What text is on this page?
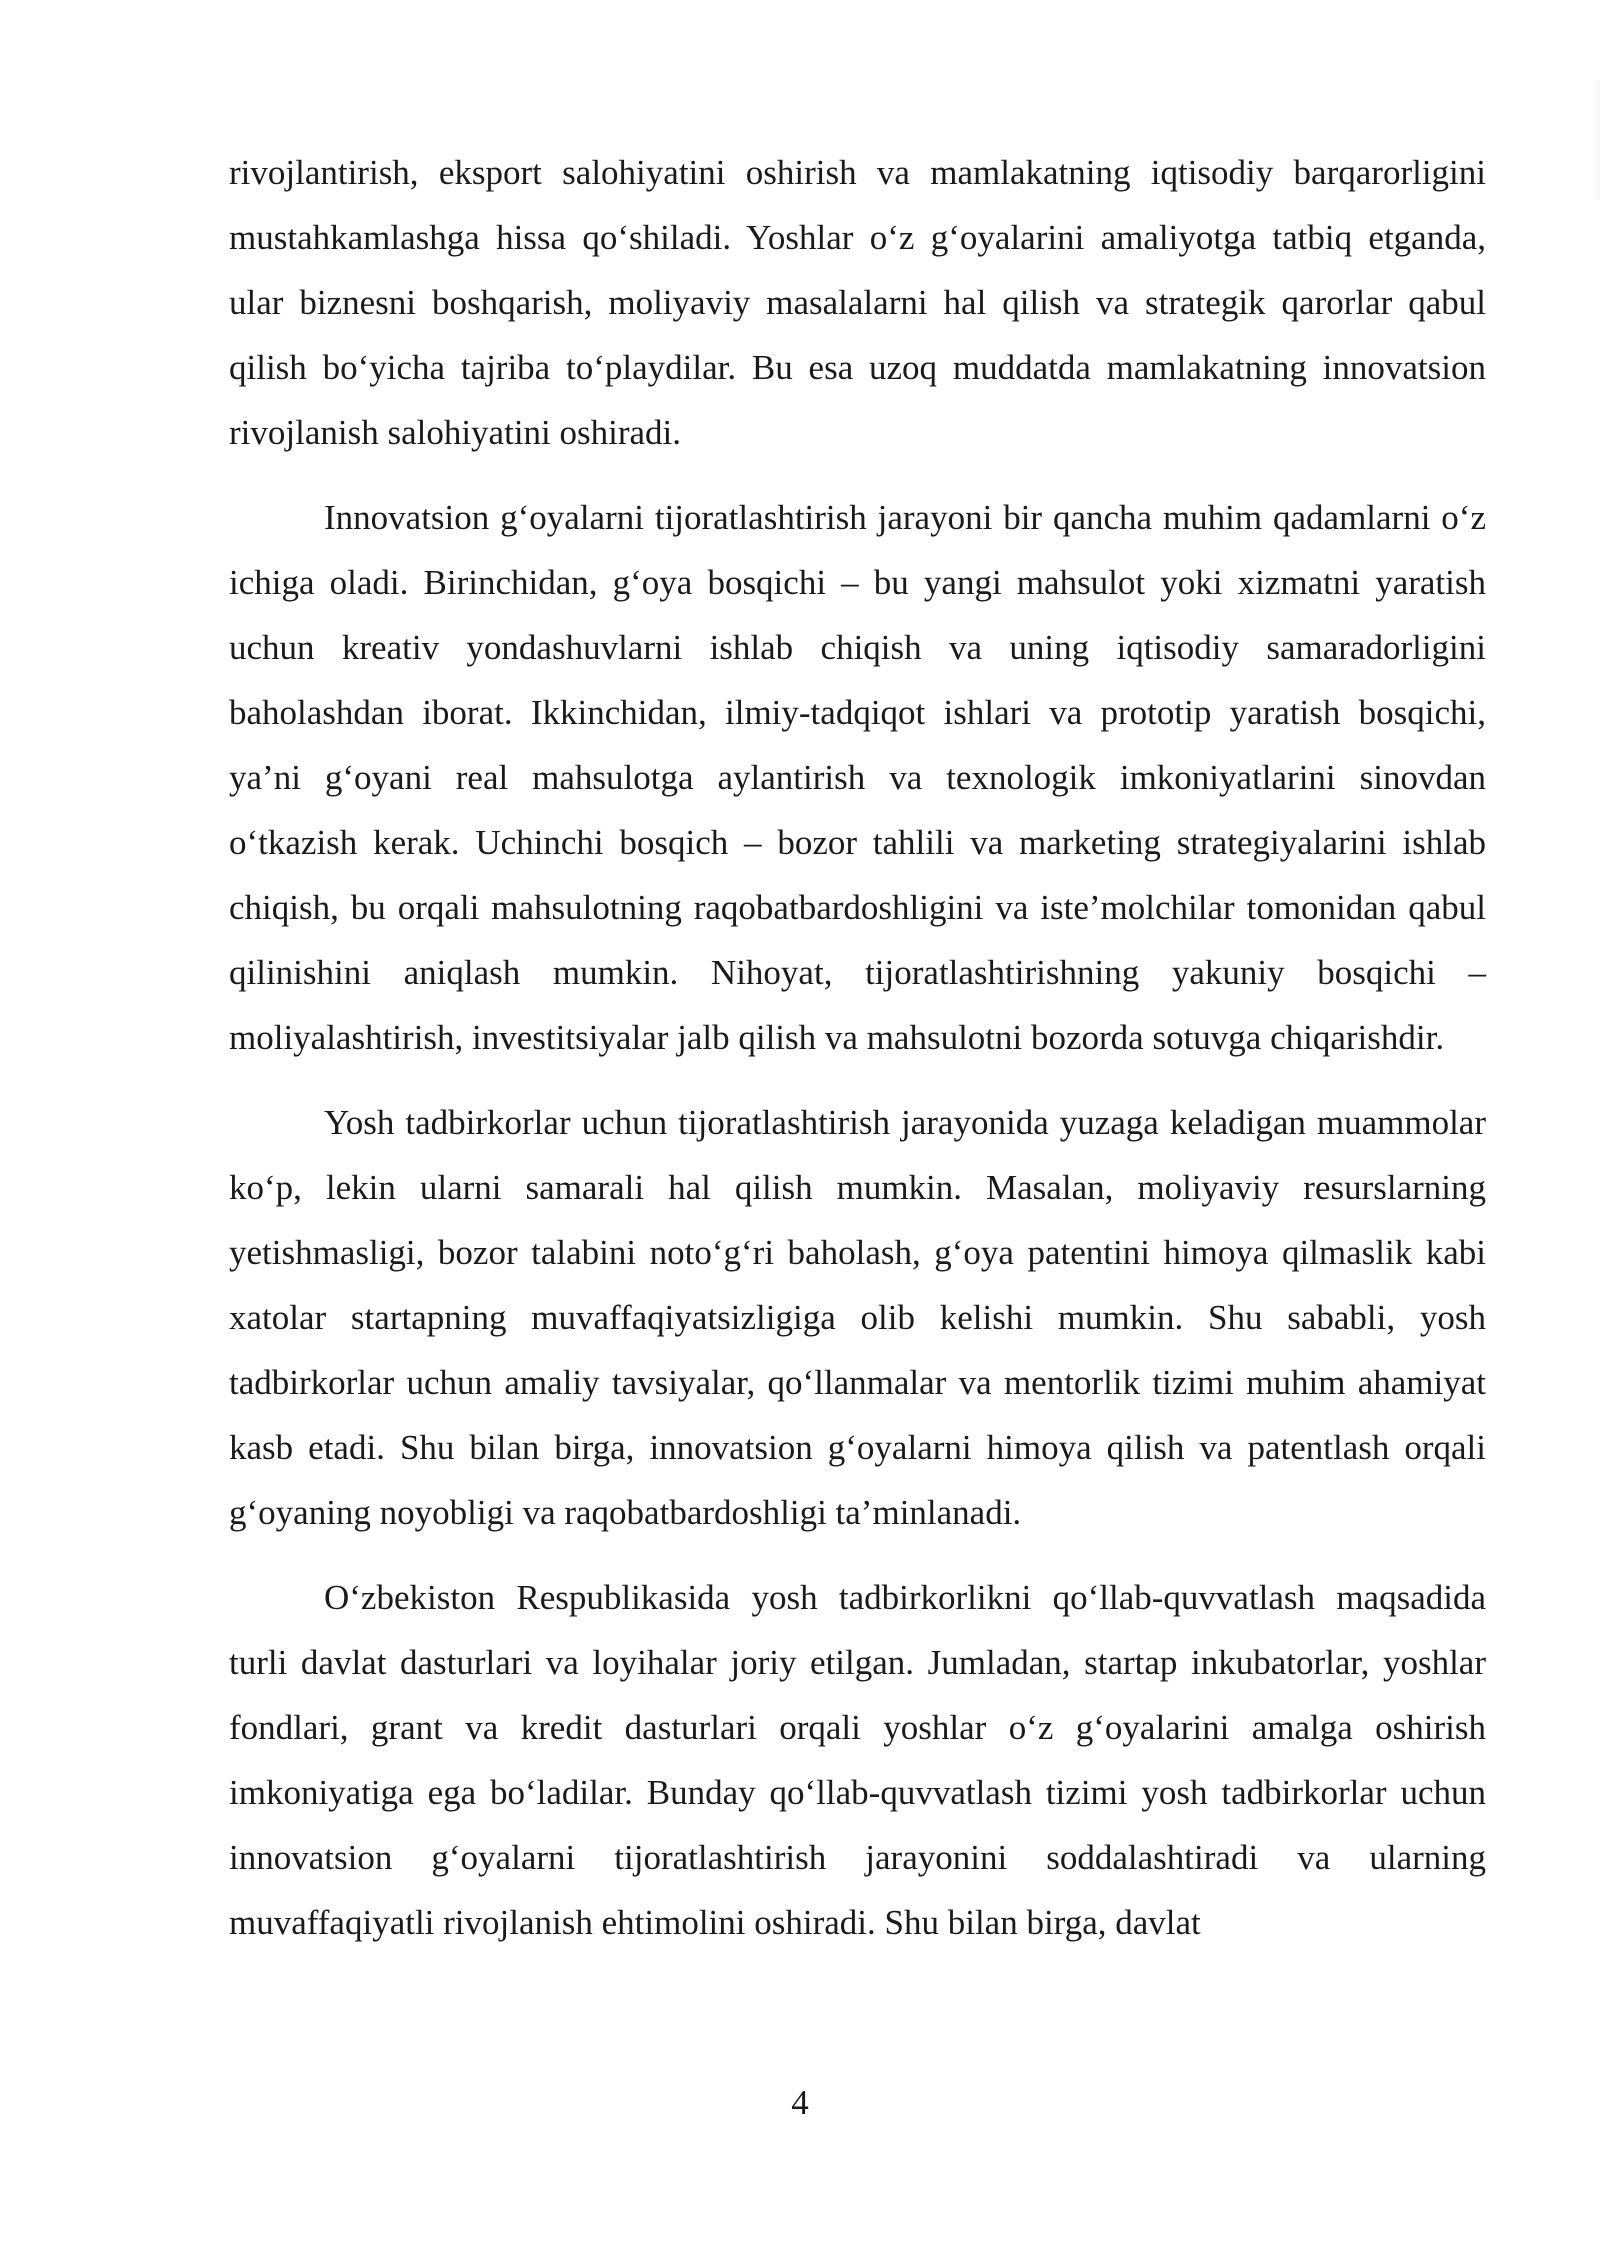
rivojlantirish, eksport salohiyatini oshirish va mamlakatning iqtisodiy barqarorligini mustahkamlashga hissa qo‘shiladi. Yoshlar o‘z g‘oyalarini amaliyotga tatbiq etganda, ular biznesni boshqarish, moliyaviy masalalarni hal qilish va strategik qarorlar qabul qilish bo‘yicha tajriba to‘playdilar. Bu esa uzoq muddatda mamlakatning innovatsion rivojlanish salohiyatini oshiradi.

Innovatsion g‘oyalarni tijoratlashtirish jarayoni bir qancha muhim qadamlarni o‘z ichiga oladi. Birinchidan, g‘oya bosqichi – bu yangi mahsulot yoki xizmatni yaratish uchun kreativ yondashuvlarni ishlab chiqish va uning iqtisodiy samaradorligini baholashdan iborat. Ikkinchidan, ilmiy-tadqiqot ishlari va prototip yaratish bosqichi, ya’ni g‘oyani real mahsulotga aylantirish va texnologik imkoniyatlarini sinovdan o‘tkazish kerak. Uchinchi bosqich – bozor tahlili va marketing strategiyalarini ishlab chiqish, bu orqali mahsulotning raqobatbardoshligini va iste’molchilar tomonidan qabul qilinishini aniqlash mumkin. Nihoyat, tijoratlashtirishning yakuniy bosqichi – moliyalashtirish, investitsiyalar jalb qilish va mahsulotni bozorda sotuvga chiqarishdir.

Yosh tadbirkorlar uchun tijoratlashtirish jarayonida yuzaga keladigan muammolar ko‘p, lekin ularni samarali hal qilish mumkin. Masalan, moliyaviy resurslarning yetishmasligi, bozor talabini noto‘g‘ri baholash, g‘oya patentini himoya qilmaslik kabi xatolar startapning muvaffaqiyatsizligiga olib kelishi mumkin. Shu sababli, yosh tadbirkorlar uchun amaliy tavsiyalar, qo‘llanmalar va mentorlik tizimi muhim ahamiyat kasb etadi. Shu bilan birga, innovatsion g‘oyalarni himoya qilish va patentlash orqali g‘oyaning noyobligi va raqobatbardoshligi ta’minlanadi.

O‘zbekiston Respublikasida yosh tadbirkorlikni qo‘llab-quvvatlash maqsadida turli davlat dasturlari va loyihalar joriy etilgan. Jumladan, startap inkubatorlar, yoshlar fondlari, grant va kredit dasturlari orqali yoshlar o‘z g‘oyalarini amalga oshirish imkoniyatiga ega bo‘ladilar. Bunday qo‘llab-quvvatlash tizimi yosh tadbirkorlar uchun innovatsion g‘oyalarni tijoratlashtirish jarayonini soddalashtiradi va ularning muvaffaqiyatli rivojlanish ehtimolini oshiradi. Shu bilan birga, davlat

4
